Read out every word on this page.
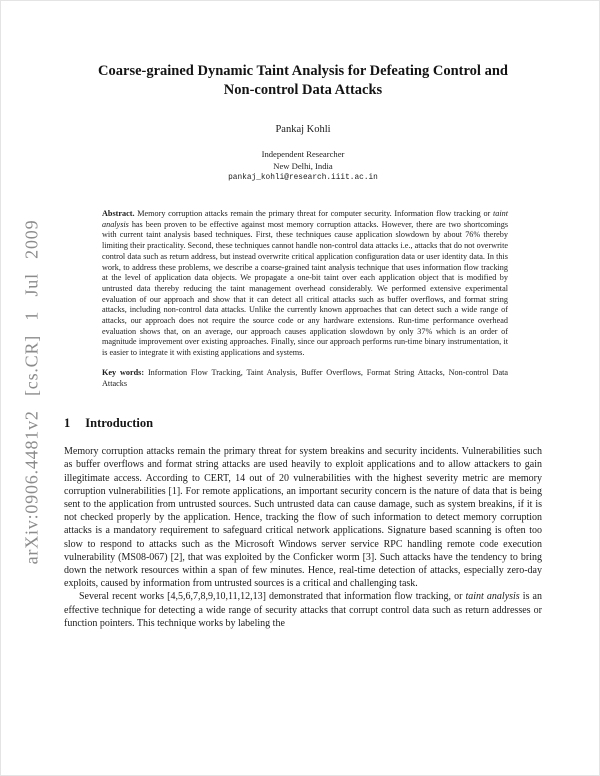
arXiv:0906.4481v2 [cs.CR] 1 Jul 2009
Coarse-grained Dynamic Taint Analysis for Defeating Control and
Non-control Data Attacks
Pankaj Kohli
Independent Researcher
New Delhi, India
pankaj_kohli@research.iiit.ac.in
Abstract. Memory corruption attacks remain the primary threat for computer security. Information flow tracking or taint analysis has been proven to be effective against most memory corruption attacks. However, there are two shortcomings with current taint analysis based techniques. First, these techniques cause application slowdown by about 76% thereby limiting their practicality. Second, these techniques cannot handle non-control data attacks i.e., attacks that do not overwrite control data such as return address, but instead overwrite critical application configuration data or user identity data. In this work, to address these problems, we describe a coarse-grained taint analysis technique that uses information flow tracking at the level of application data objects. We propagate a one-bit taint over each application object that is modified by untrusted data thereby reducing the taint management overhead considerably. We performed extensive experimental evaluation of our approach and show that it can detect all critical attacks such as buffer overflows, and format string attacks, including non-control data attacks. Unlike the currently known approaches that can detect such a wide range of attacks, our approach does not require the source code or any hardware extensions. Run-time performance overhead evaluation shows that, on an average, our approach causes application slowdown by only 37% which is an order of magnitude improvement over existing approaches. Finally, since our approach performs run-time binary instrumentation, it is easier to integrate it with existing applications and systems.
Key words: Information Flow Tracking, Taint Analysis, Buffer Overflows, Format String Attacks, Non-control Data Attacks
1 Introduction

Memory corruption attacks remain the primary threat for system breakins and security incidents. Vulnerabilities such as buffer overflows and format string attacks are used heavily to exploit applications and to allow attackers to gain illegitimate access. According to CERT, 14 out of 20 vulnerabilities with the highest severity metric are memory corruption vulnerabilities [1]. For remote applications, an important security concern is the nature of data that is being sent to the application from untrusted sources. Such untrusted data can cause damage, such as system breakins, if it is not checked properly by the application. Hence, tracking the flow of such information to detect memory corruption attacks is a mandatory requirement to safeguard critical network applications. Signature based scanning is often too slow to respond to attacks such as the Microsoft Windows server service RPC handling remote code execution vulnerability (MS08-067) [2], that was exploited by the Conficker worm [3]. Such attacks have the tendency to bring down the network resources within a span of few minutes. Hence, real-time detection of attacks, especially zero-day exploits, caused by information from untrusted sources is a critical and challenging task.

Several recent works [4,5,6,7,8,9,10,11,12,13] demonstrated that information flow tracking, or taint analysis is an effective technique for detecting a wide range of security attacks that corrupt control data such as return addresses or function pointers. This technique works by labeling the
